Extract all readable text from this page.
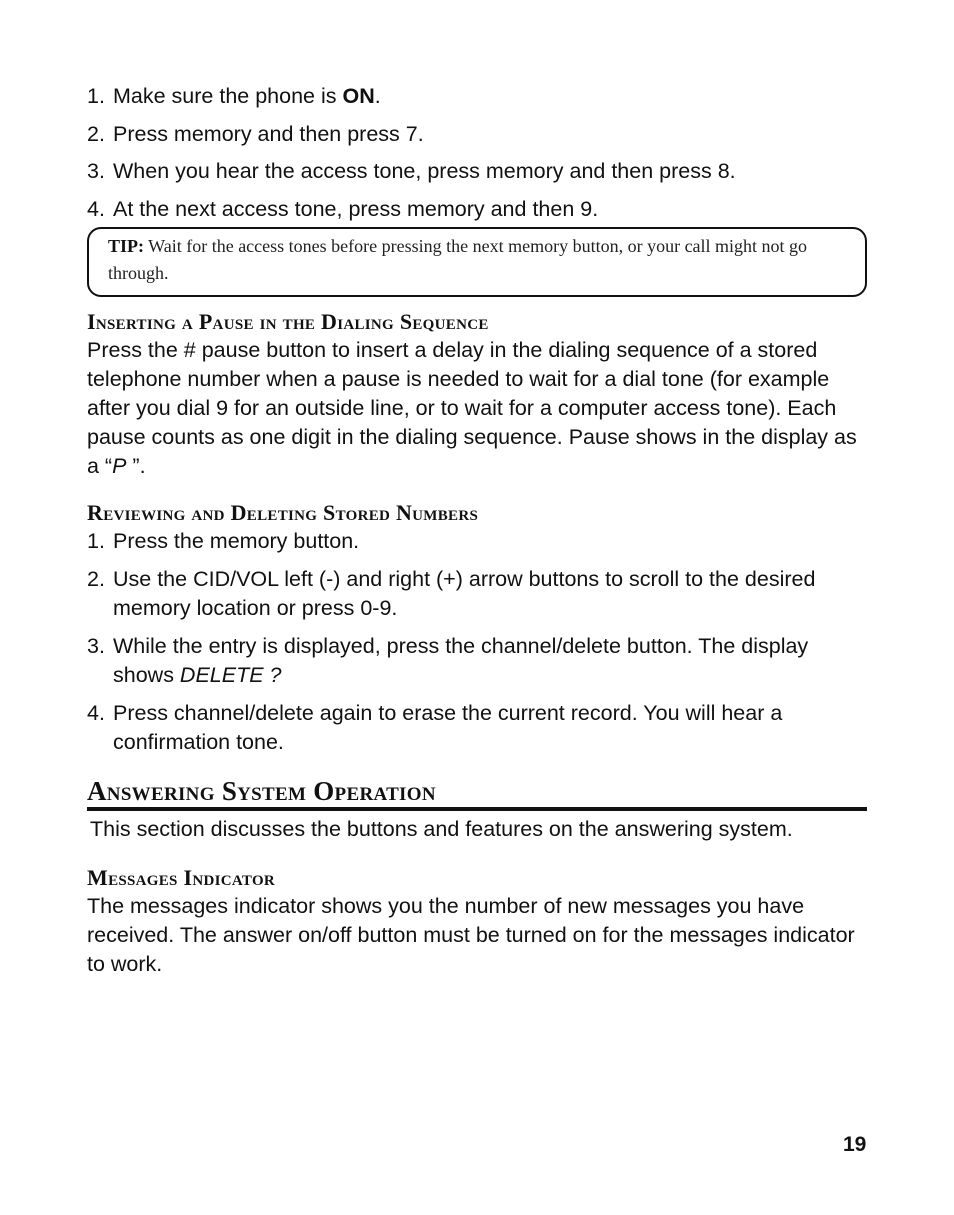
1. Make sure the phone is ON.
2. Press memory and then press 7.
3. When you hear the access tone, press memory and then press 8.
4. At the next access tone, press memory and then 9.
TIP: Wait for the access tones before pressing the next memory button, or your call might not go through.
Inserting a Pause in the Dialing Sequence
Press the # pause button to insert a delay in the dialing sequence of a stored telephone number when a pause is needed to wait for a dial tone (for example after you dial 9 for an outside line, or to wait for a computer access tone). Each pause counts as one digit in the dialing sequence. Pause shows in the display as a “P ”.
Reviewing and Deleting Stored Numbers
1. Press the memory button.
2. Use the CID/VOL left (-) and right (+) arrow buttons to scroll to the desired memory location or press 0-9.
3. While the entry is displayed, press the channel/delete button. The display shows DELETE ?
4. Press channel/delete again to erase the current record. You will hear a confirmation tone.
Answering System Operation
This section discusses the buttons and features on the answering system.
Messages Indicator
The messages indicator shows you the number of new messages you have received. The answer on/off button must be turned on for the messages indicator to work.
19
